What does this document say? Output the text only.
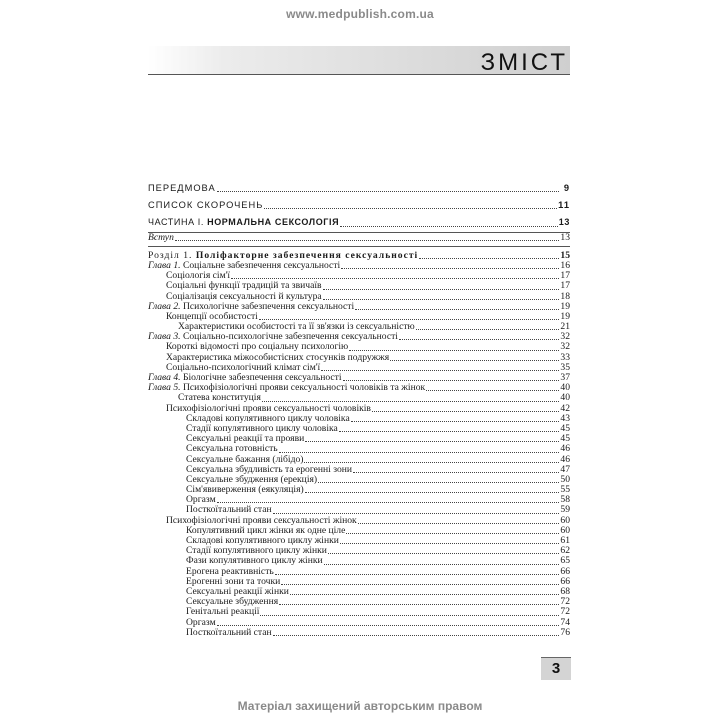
www.medpublish.com.ua
ЗМІСТ
ПЕРЕДМОВА	9
СПИСОК СКОРОЧЕНЬ	11
ЧАСТИНА І. НОРМАЛЬНА СЕКСОЛОГІЯ	13
Вступ	13
Розділ 1. Поліфакторне забезпечення сексуальності	15
Глава 1. Соціальне забезпечення сексуальності	16
Соціологія сім'ї	17
Соціальні функції традицій та звичаїв	17
Соціалізація сексуальності й культура	18
Глава 2. Психологічне забезпечення сексуальності	19
Концепції особистості	19
Характеристики особистості та її зв'язки із сексуальністю	21
Глава 3. Соціально-психологічне забезпечення сексуальності	32
Короткі відомості про соціальну психологію	32
Характеристика міжособистісних стосунків подружжя	33
Соціально-психологічний клімат сім'ї	35
Глава 4. Біологічне забезпечення сексуальності	37
Глава 5. Психофізіологічні прояви сексуальності чоловіків та жінок	40
Статева конституція	40
Психофізіологічні прояви сексуальності чоловіків	42
Складові копулятивного циклу чоловіка	43
Стадії копулятивного циклу чоловіка	45
Сексуальні реакції та прояви	45
Сексуальна готовність	46
Сексуальне бажання (лібідо)	46
Сексуальна збудливість та ерогенні зони	47
Сексуальне збудження (ерекція)	50
Сім'явиверження (еякуляція)	55
Оргазм	58
Посткоїтальний стан	59
Психофізіологічні прояви сексуальності жінок	60
Копулятивний цикл жінки як одне ціле	60
Складові копулятивного циклу жінки	61
Стадії копулятивного циклу жінки	62
Фази копулятивного циклу жінки	65
Ерогена реактивність	66
Ерогенні зони та точки	66
Сексуальні реакції жінки	68
Сексуальне збудження	72
Генітальні реакції	72
Оргазм	74
Посткоїтальний стан	76
3
Матеріал захищений авторським правом
